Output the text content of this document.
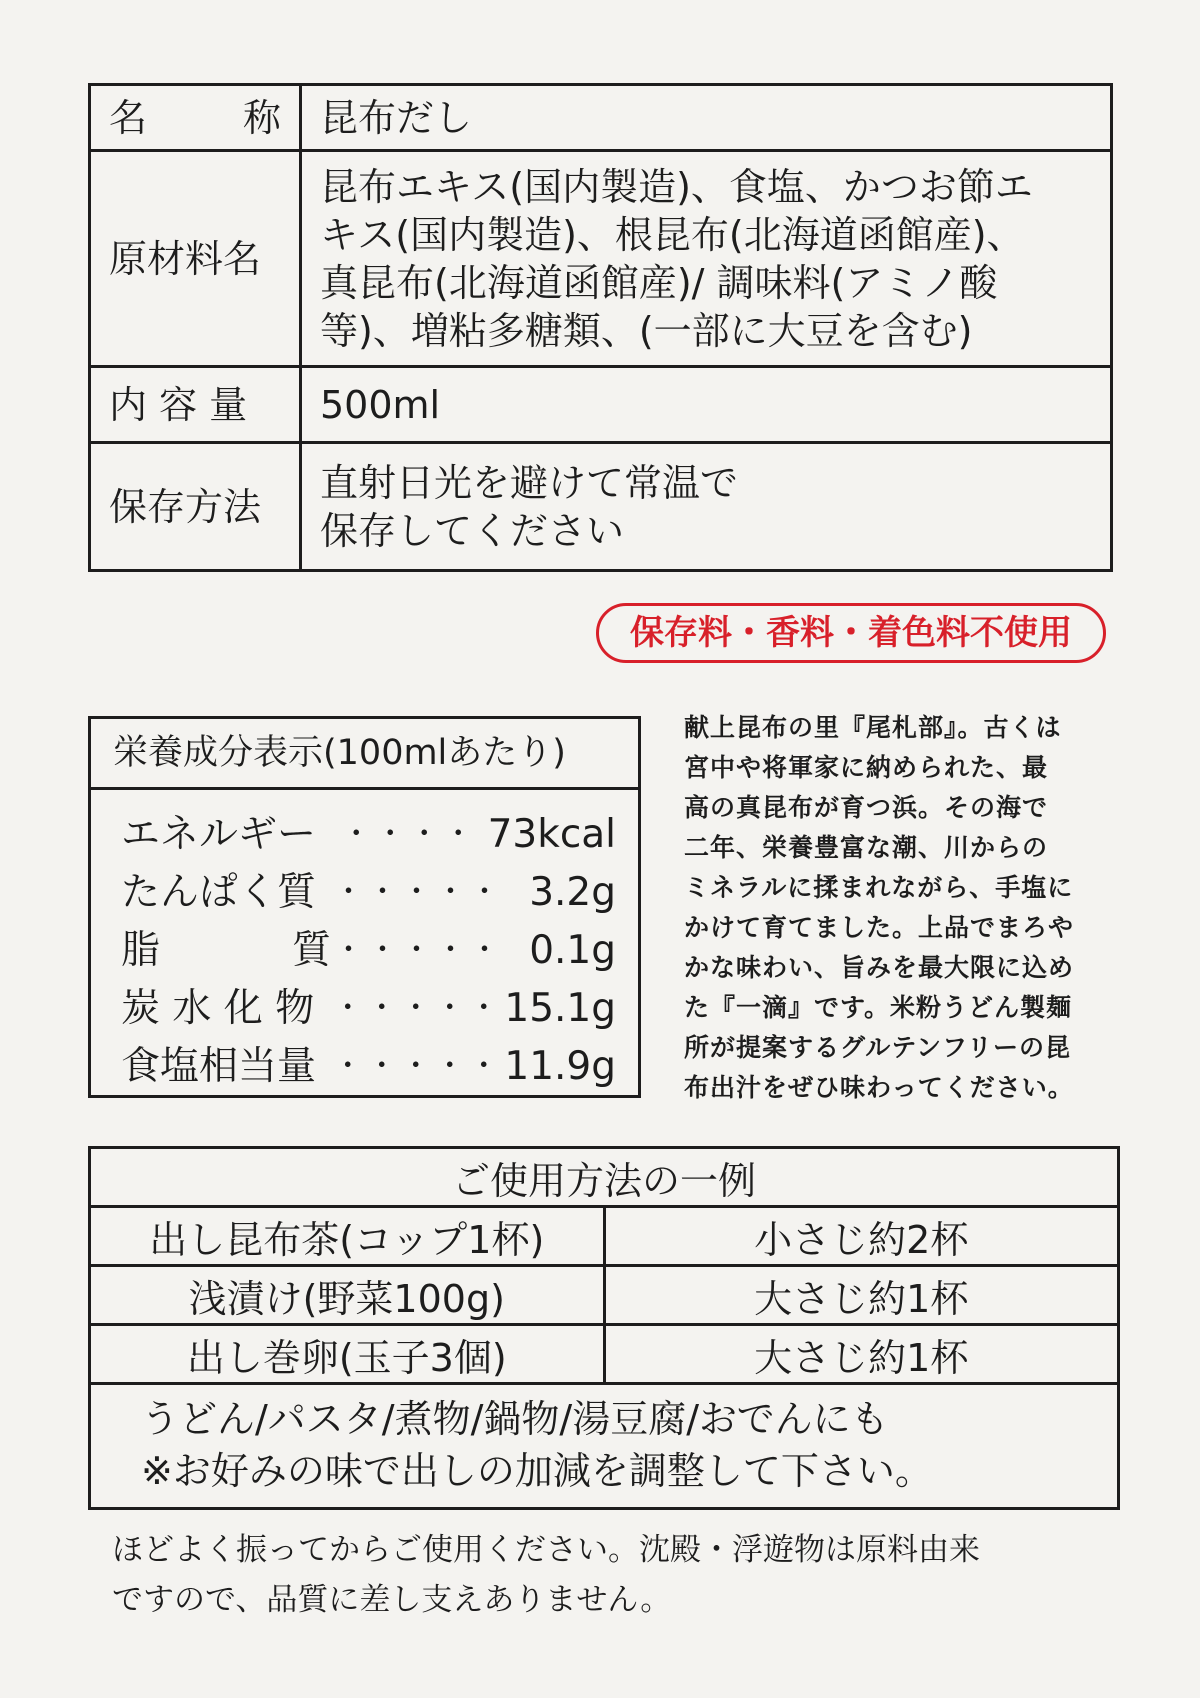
名 称	昆布だし
原材料名	昆布エキス(国内製造)、食塩、かつお節エ
キス(国内製造)、根昆布(北海道函館産)、
真昆布(北海道函館産)/ 調味料(アミノ酸
等)、増粘多糖類、(一部に大豆を含む)

内 容 量	500ml
保存方法	直射日光を避けて常温で
保存してください
保存料・香料・着色料不使用
栄養成分表示(100mlあたり)
エネルギー ・・・・ 73kcal
たんぱく質 ・・・・・ 3.2g
脂	質 ・・・・・ 0.1g
炭 水 化 物 ・・・・・ 15.1g
食塩相当量 ・・・・・ 11.9g
献上昆布の里『尾札部』。古くは
宮中や将軍家に納められた、最
高の真昆布が育つ浜。その海で
二年、栄養豊富な潮、川からの
ミネラルに揉まれながら、手塩に
かけて育てました。上品でまろや
かな味わい、旨みを最大限に込め
た『一滴』です。米粉うどん製麺
所が提案するグルテンフリーの昆
布出汁をぜひ味わってください。
ご使用方法の一例	
出し昆布茶(コップ1杯)	小さじ約2杯
浅漬け(野菜100g)	大さじ約1杯
出し巻卵(玉子3個)	大さじ約1杯

うどん/パスタ/煮物/鍋物/湯豆腐/おでんにも
※お好みの味で出しの加減を調整して下さい。	
ほどよく振ってからご使用ください。沈殿・浮遊物は原料由来
ですので、品質に差し支えありません。
